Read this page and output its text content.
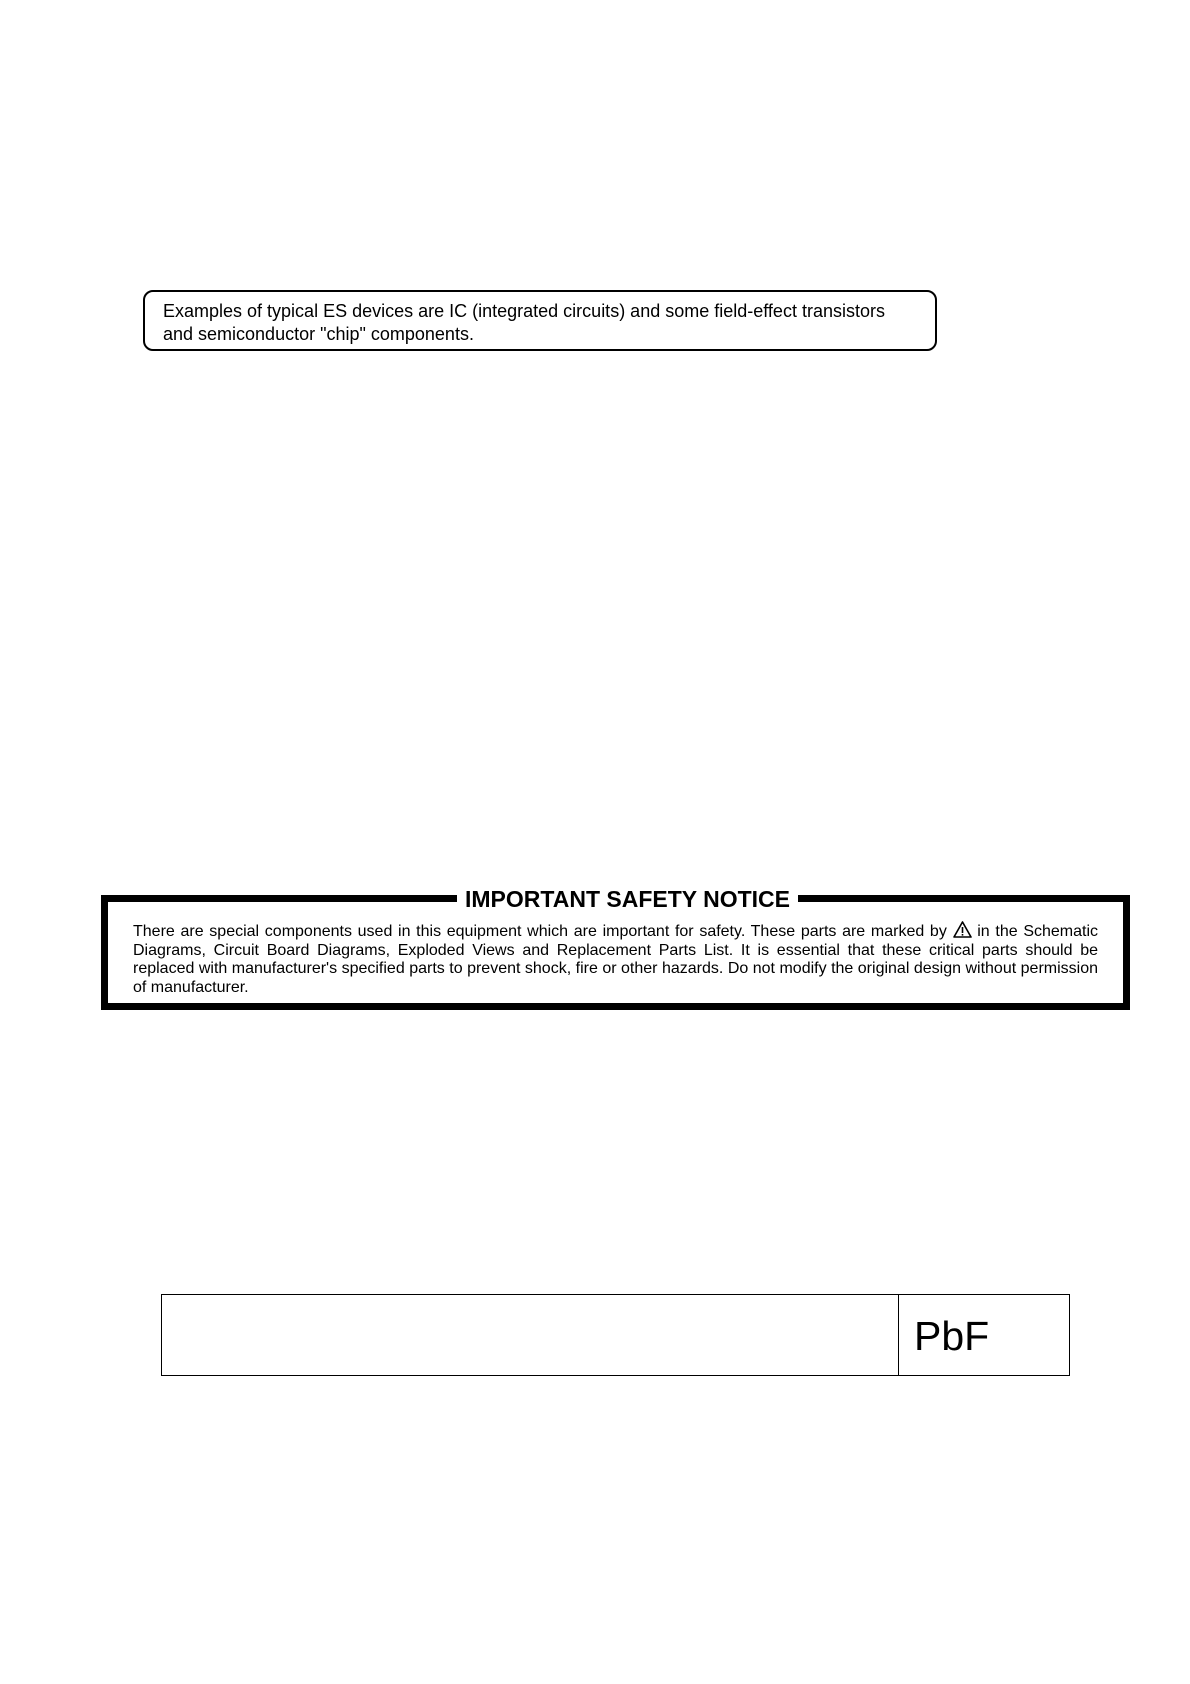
Examples of typical ES devices are IC (integrated circuits) and some field-effect transistors and semiconductor "chip" components.
IMPORTANT SAFETY NOTICE
There are special components used in this equipment which are important for safety. These parts are marked by in the Schematic Diagrams, Circuit Board Diagrams, Exploded Views and Replacement Parts List. It is essential that these critical parts should be replaced with manufacturer's specified parts to prevent shock, fire or other hazards. Do not modify the original design without permission of manufacturer.
PbF
